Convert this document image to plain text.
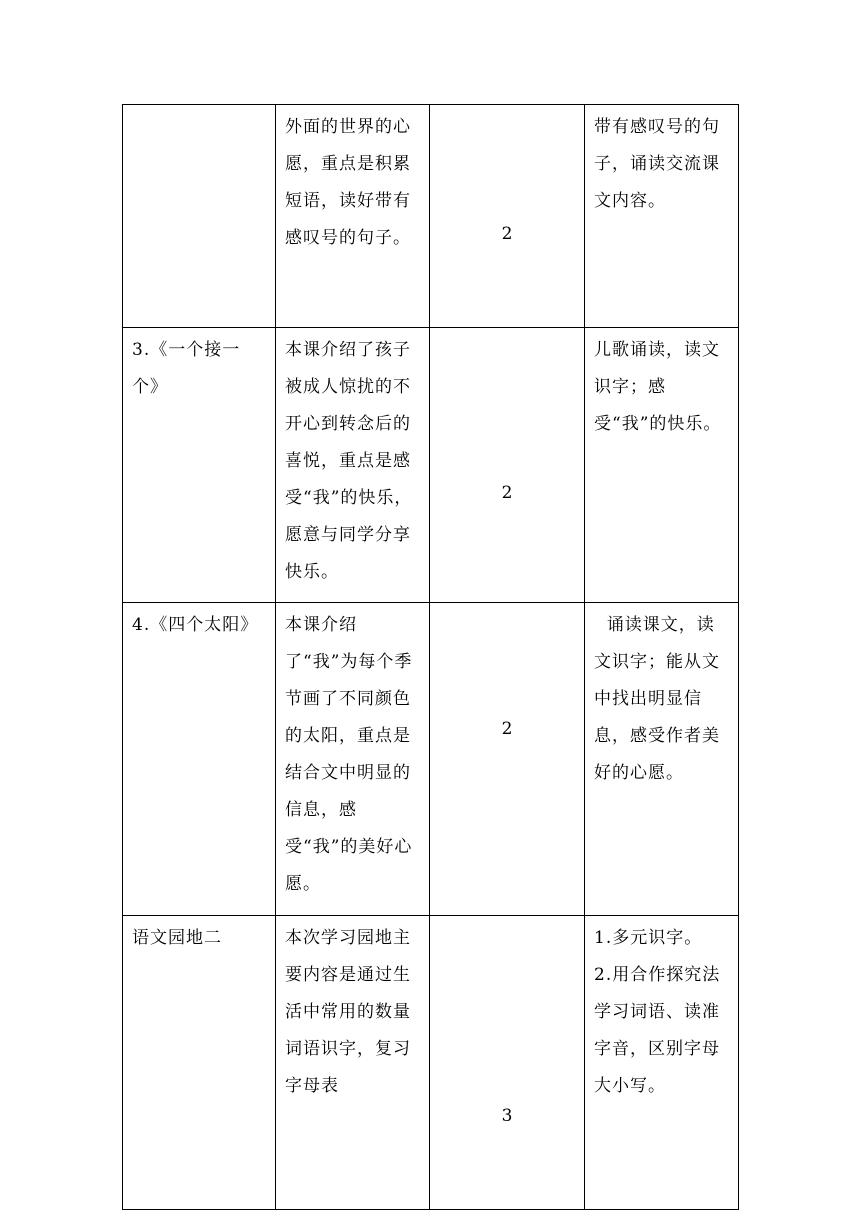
	外面的世界的心愿，重点是积累短语，读好带有感叹号的句子。	2	带有感叹号的句子，诵读交流课文内容。
3.《一个接一个》	本课介绍了孩子被成人惊扰的不开心到转念后的喜悦，重点是感受“我”的快乐，愿意与同学分享快乐。	2	儿歌诵读，读文识字；感受“我”的快乐。
4.《四个太阳》	本课介绍了“我”为每个季节画了不同颜色的太阳，重点是结合文中明显的信息，感受“我”的美好心愿。	2	诵读课文，读文识字；能从文中找出明显信息，感受作者美好的心愿。
语文园地二	本次学习园地主要内容是通过生活中常用的数量词语识字，复习字母表	3	1.多元识字。
2.用合作探究法学习词语、读准字音，区别字母大小写。
